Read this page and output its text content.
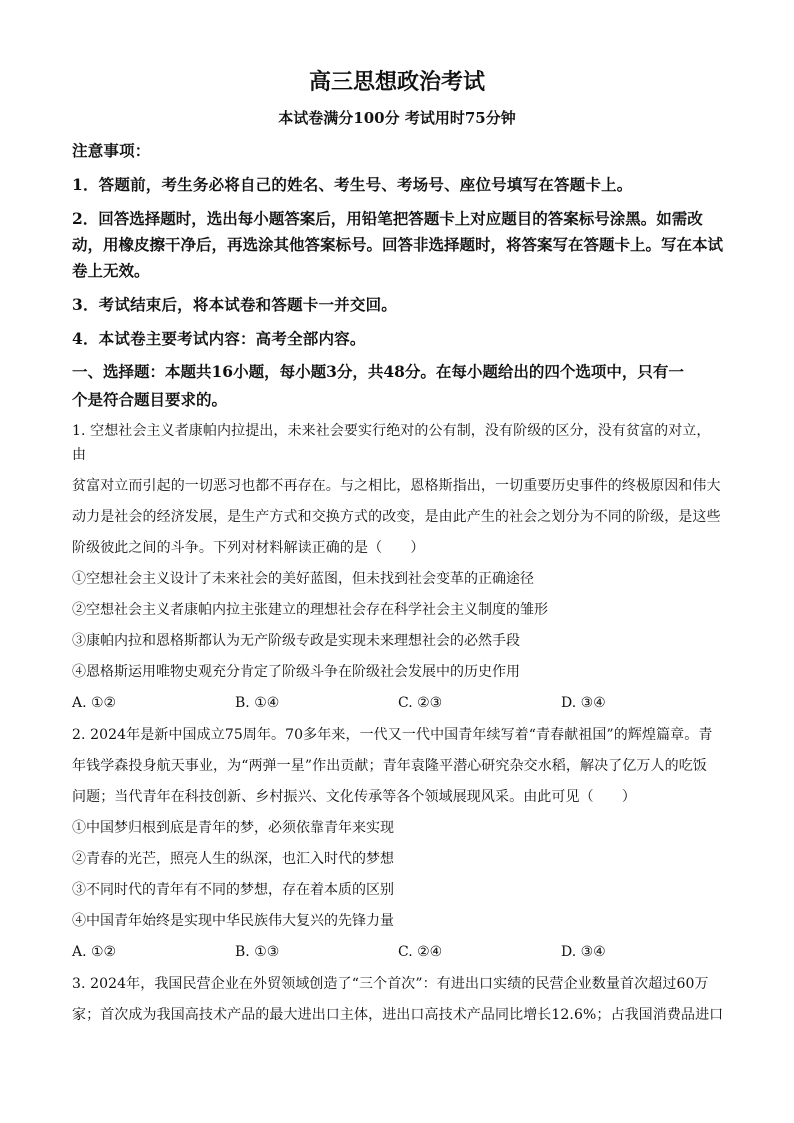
高三思想政治考试
本试卷满分100分 考试用时75分钟
注意事项：
1．答题前，考生务必将自己的姓名、考生号、考场号、座位号填写在答题卡上。
2．回答选择题时，选出每小题答案后，用铅笔把答题卡上对应题目的答案标号涂黑。如需改动，用橡皮擦干净后，再选涂其他答案标号。回答非选择题时，将答案写在答题卡上。写在本试卷上无效。
3．考试结束后，将本试卷和答题卡一并交回。
4．本试卷主要考试内容：高考全部内容。
一、选择题：本题共16小题，每小题3分，共48分。在每小题给出的四个选项中，只有一
个是符合题目要求的。
1. 空想社会主义者康帕内拉提出，未来社会要实行绝对的公有制，没有阶级的区分，没有贫富的对立，由
贫富对立而引起的一切恶习也都不再存在。与之相比，恩格斯指出，一切重要历史事件的终极原因和伟大
动力是社会的经济发展，是生产方式和交换方式的改变，是由此产生的社会之划分为不同的阶级，是这些
阶级彼此之间的斗争。下列对材料解读正确的是（　　）
①空想社会主义设计了未来社会的美好蓝图，但未找到社会变革的正确途径
②空想社会主义者康帕内拉主张建立的理想社会存在科学社会主义制度的雏形
③康帕内拉和恩格斯都认为无产阶级专政是实现未来理想社会的必然手段
④恩格斯运用唯物史观充分肯定了阶级斗争在阶级社会发展中的历史作用
A. ①②	B. ①④	C. ②③	D. ③④
2. 2024年是新中国成立75周年。70多年来，一代又一代中国青年续写着“青春献祖国”的辉煌篇章。青
年钱学森投身航天事业，为“两弹一星”作出贡献；青年袁隆平潜心研究杂交水稻，解决了亿万人的吃饭
问题；当代青年在科技创新、乡村振兴、文化传承等各个领域展现风采。由此可见（　　）
①中国梦归根到底是青年的梦，必须依靠青年来实现
②青春的光芒，照亮人生的纵深，也汇入时代的梦想
③不同时代的青年有不同的梦想，存在着本质的区别
④中国青年始终是实现中华民族伟大复兴的先锋力量
A. ①②	B. ①③	C. ②④	D. ③④
3. 2024年，我国民营企业在外贸领域创造了“三个首次”：有进出口实绩的民营企业数量首次超过60万
家；首次成为我国高技术产品的最大进出口主体，进出口高技术产品同比增长12.6%；占我国消费品进口
